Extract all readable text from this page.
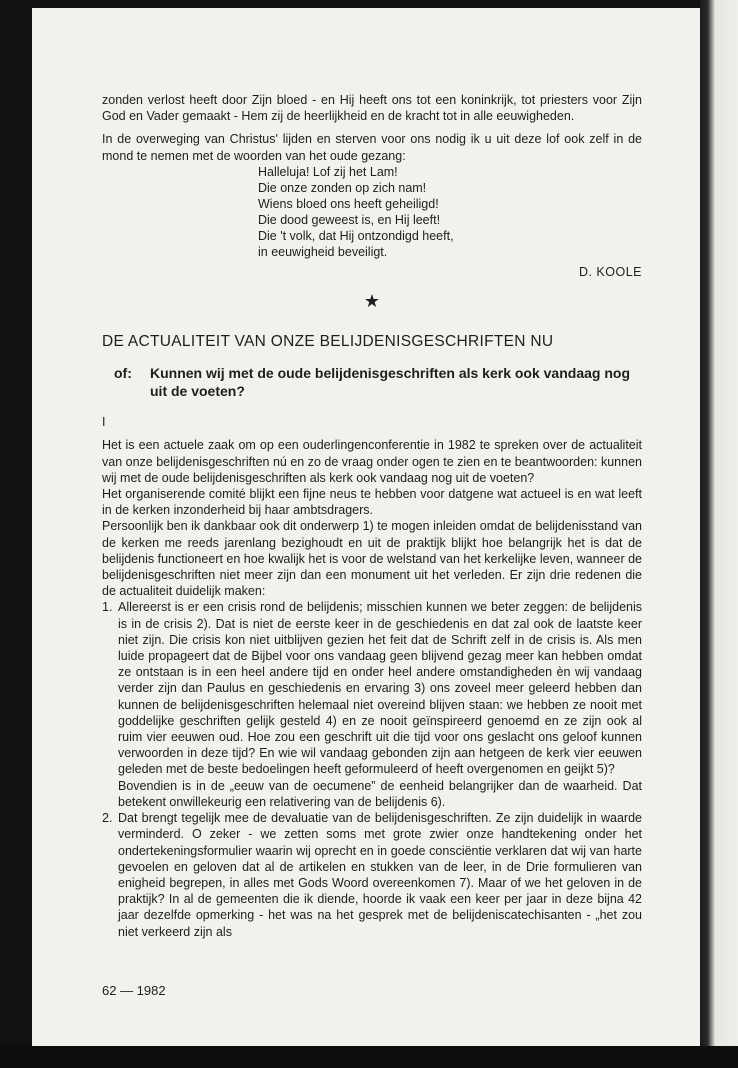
zonden verlost heeft door Zijn bloed - en Hij heeft ons tot een koninkrijk, tot priesters voor Zijn God en Vader gemaakt - Hem zij de heerlijkheid en de kracht tot in alle eeuwigheden.

In de overweging van Christus' lijden en sterven voor ons nodig ik u uit deze lof ook zelf in de mond te nemen met de woorden van het oude gezang:

Halleluja! Lof zij het Lam!
Die onze zonden op zich nam!
Wiens bloed ons heeft geheiligd!
Die dood geweest is, en Hij leeft!
Die 't volk, dat Hij ontzondigd heeft,
in eeuwigheid beveiligt.
D. KOOLE
★
DE ACTUALITEIT VAN ONZE BELIJDENISGESCHRIFTEN NU
of:	Kunnen wij met de oude belijdenisgeschriften als kerk ook vandaag nog uit de voeten?
I

Het is een actuele zaak om op een ouderlingenconferentie in 1982 te spreken over de actualiteit van onze belijdenisgeschriften nú en zo de vraag onder ogen te zien en te beantwoorden: kunnen wij met de oude belijdenisgeschriften als kerk ook vandaag nog uit de voeten?

Het organiserende comité blijkt een fijne neus te hebben voor datgene wat actueel is en wat leeft in de kerken inzonderheid bij haar ambtsdragers.

Persoonlijk ben ik dankbaar ook dit onderwerp 1) te mogen inleiden omdat de belijdenisstand van de kerken me reeds jarenlang bezighoudt en uit de praktijk blijkt hoe belangrijk het is dat de belijdenis functioneert en hoe kwalijk het is voor de welstand van het kerkelijke leven, wanneer de belijdenisgeschriften niet meer zijn dan een monument uit het verleden. Er zijn drie redenen die de actualiteit duidelijk maken:

1. Allereerst is er een crisis rond de belijdenis; misschien kunnen we beter zeggen: de belijdenis is in de crisis 2). Dat is niet de eerste keer in de geschiedenis en dat zal ook de laatste keer niet zijn. Die crisis kon niet uitblijven gezien het feit dat de Schrift zelf in de crisis is. Als men luide propageert dat de Bijbel voor ons vandaag geen blijvend gezag meer kan hebben omdat ze ontstaan is in een heel andere tijd en onder heel andere omstandigheden èn wij vandaag verder zijn dan Paulus en geschiedenis en ervaring 3) ons zoveel meer geleerd hebben dan kunnen de belijdenisgeschriften helemaal niet overeind blijven staan: we hebben ze nooit met goddelijke geschriften gelijk gesteld 4) en ze nooit geïnspireerd genoemd en ze zijn ook al ruim vier eeuwen oud. Hoe zou een geschrift uit die tijd voor ons geslacht ons geloof kunnen verwoorden in deze tijd? En wie wil vandaag gebonden zijn aan hetgeen de kerk vier eeuwen geleden met de beste bedoelingen heeft geformuleerd of heeft overgenomen en geijkt 5)?

Bovendien is in de „eeuw van de oecumene” de eenheid belangrijker dan de waarheid. Dat betekent onwillekeurig een relativering van de belijdenis 6).

2. Dat brengt tegelijk mee de devaluatie van de belijdenisgeschriften. Ze zijn duidelijk in waarde verminderd. O zeker - we zetten soms met grote zwier onze handtekening onder het ondertekeningsformulier waarin wij oprecht en in goede consciëntie verklaren dat wij van harte gevoelen en geloven dat al de artikelen en stukken van de leer, in de Drie formulieren van enigheid begrepen, in alles met Gods Woord overeenkomen 7). Maar of we het geloven in de praktijk? In al de gemeenten die ik diende, hoorde ik vaak een keer per jaar in deze bijna 42 jaar dezelfde opmerking - het was na het gesprek met de belijdeniscatechisanten - „het zou niet verkeerd zijn als

62 — 1982
